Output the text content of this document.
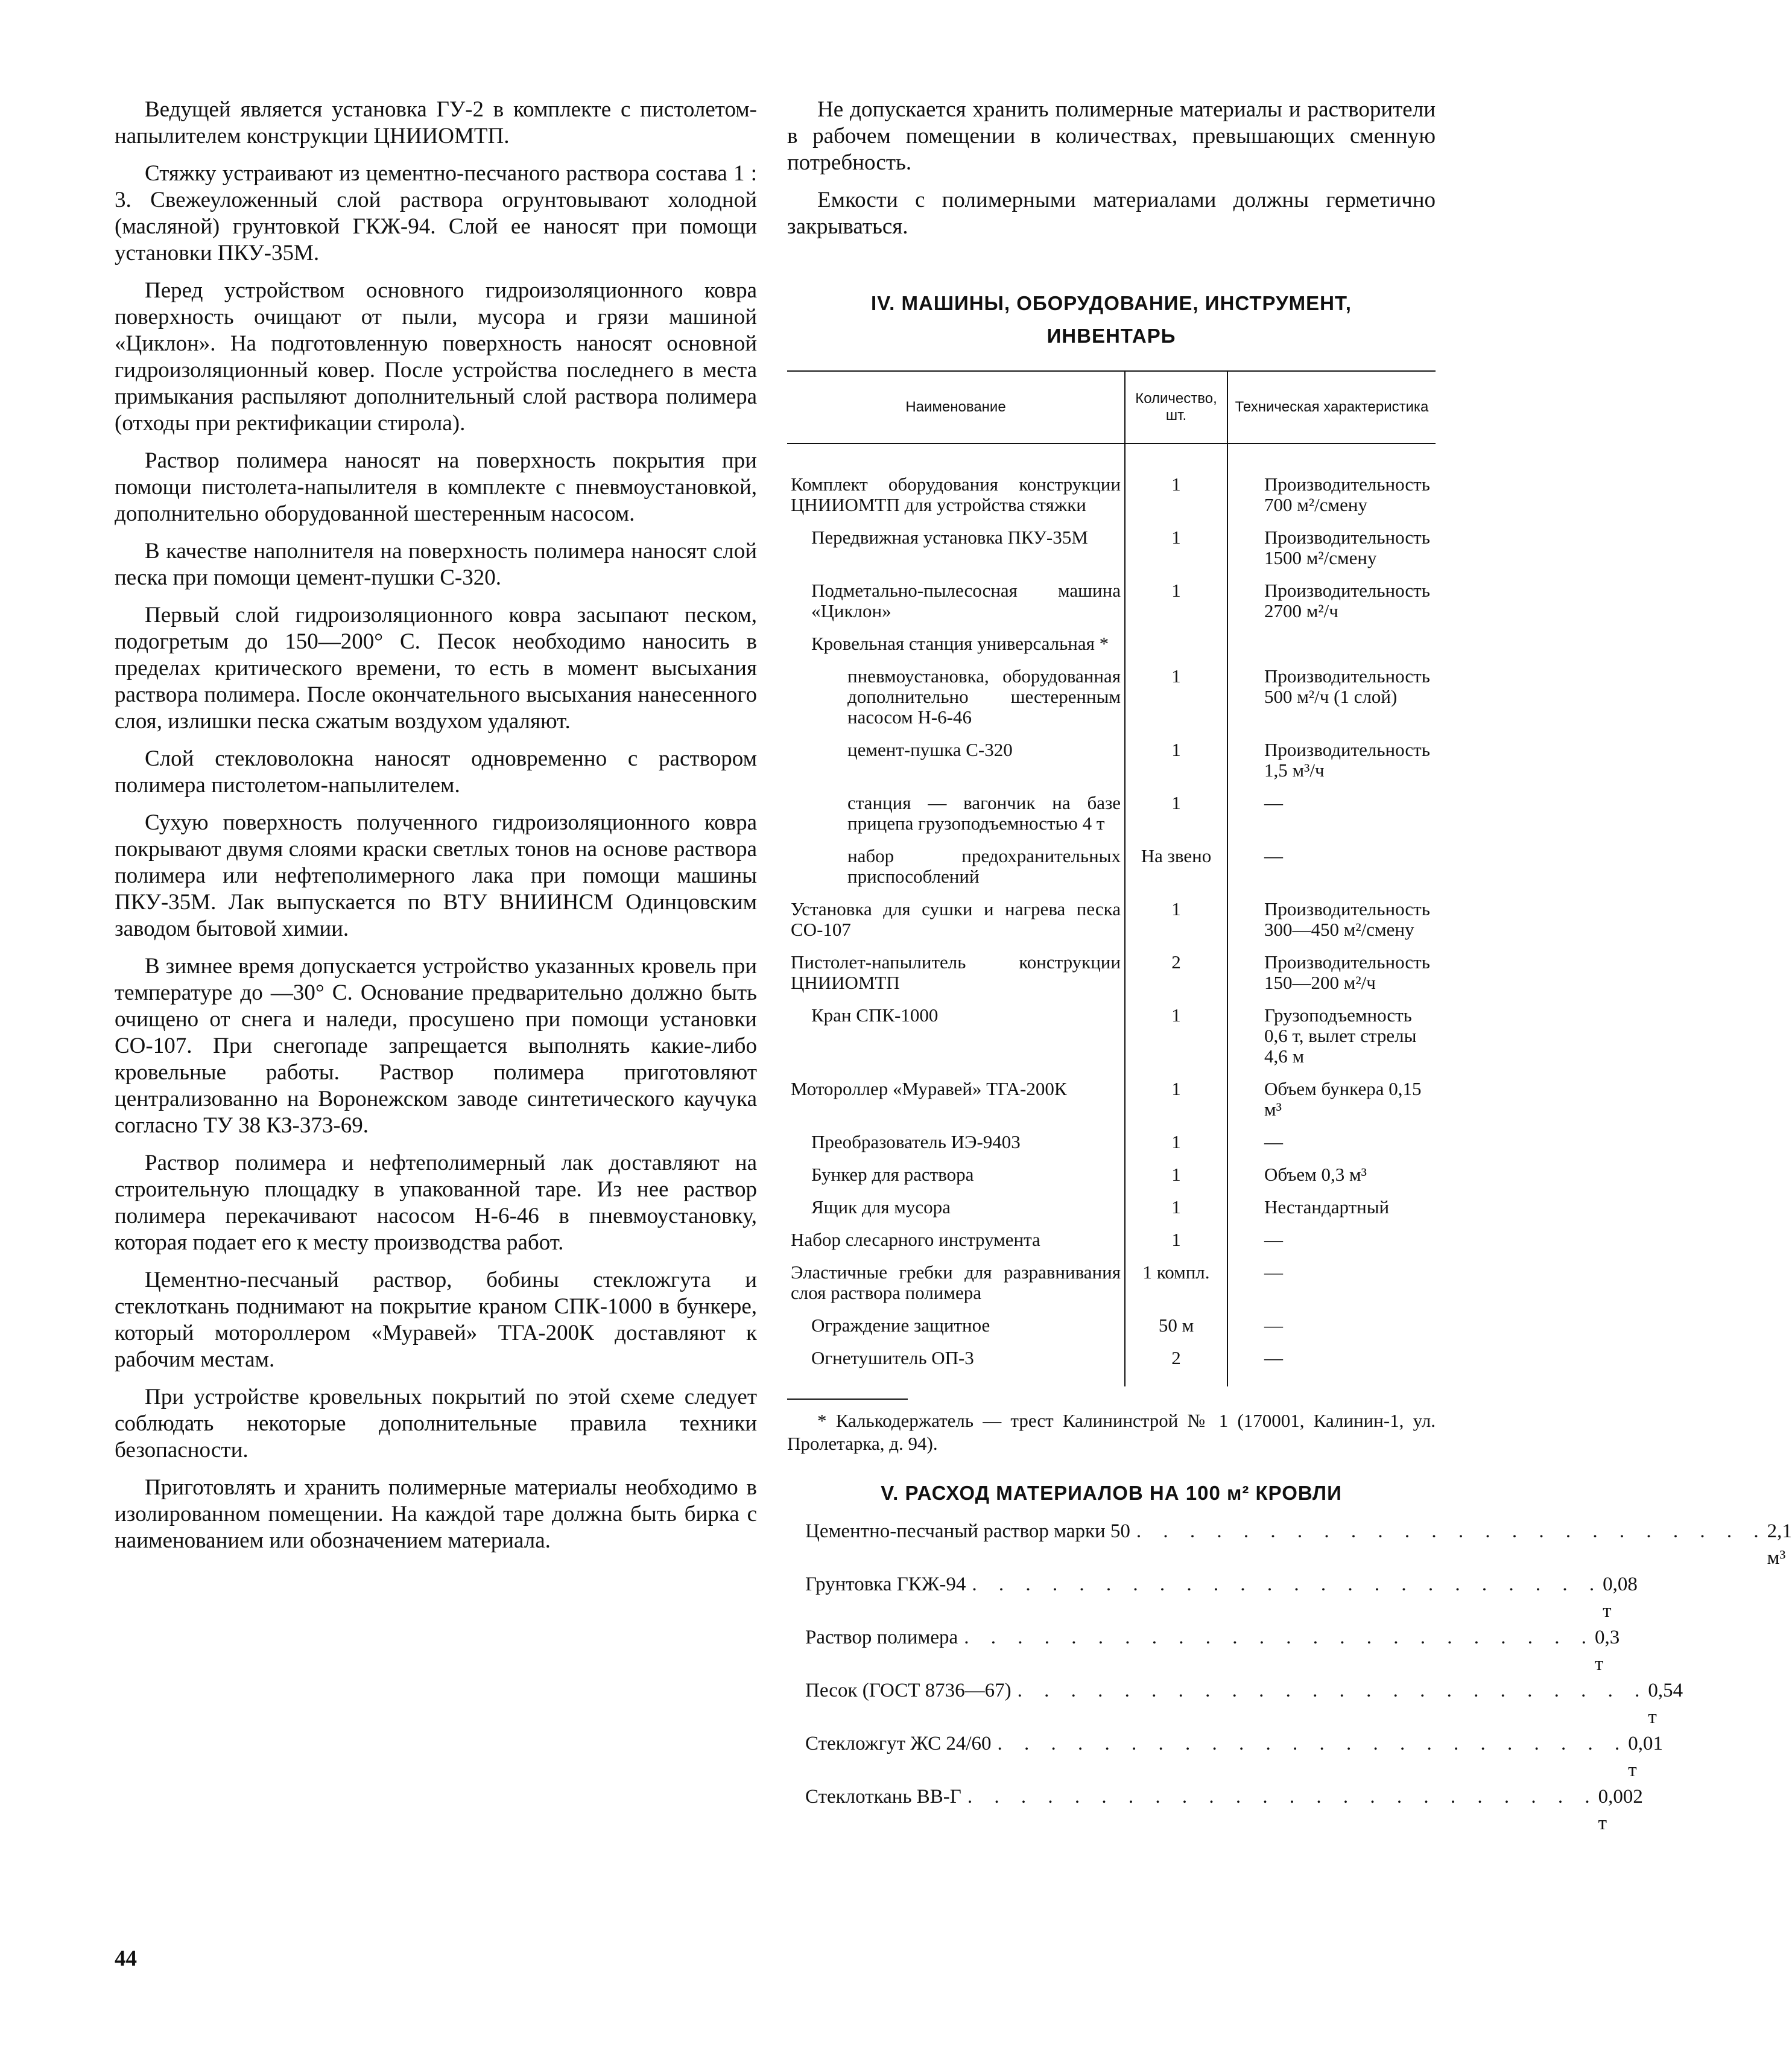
Ведущей является установка ГУ-2 в комплекте с пистолетом-напылителем конструкции ЦНИИОМТП.

Стяжку устраивают из цементно-песчаного раствора состава 1 : 3. Свежеуложенный слой раствора огрунтовывают холодной (масляной) грунтовкой ГКЖ-94. Слой ее наносят при помощи установки ПКУ-35М.

Перед устройством основного гидроизоляционного ковра поверхность очищают от пыли, мусора и грязи машиной «Циклон». На подготовленную поверхность наносят основной гидроизоляционный ковер. После устройства последнего в места примыкания распыляют дополнительный слой раствора полимера (отходы при ректификации стирола).

Раствор полимера наносят на поверхность покрытия при помощи пистолета-напылителя в комплекте с пневмоустановкой, дополнительно оборудованной шестеренным насосом.

В качестве наполнителя на поверхность полимера наносят слой песка при помощи цемент-пушки С-320.

Первый слой гидроизоляционного ковра засыпают песком, подогретым до 150—200° С. Песок необходимо наносить в пределах критического времени, то есть в момент высыхания раствора полимера. После окончательного высыхания нанесенного слоя, излишки песка сжатым воздухом удаляют.

Слой стекловолокна наносят одновременно с раствором полимера пистолетом-напылителем.

Сухую поверхность полученного гидроизоляционного ковра покрывают двумя слоями краски светлых тонов на основе раствора полимера или нефтеполимерного лака при помощи машины ПКУ-35М. Лак выпускается по ВТУ ВНИИНСМ Одинцовским заводом бытовой химии.

В зимнее время допускается устройство указанных кровель при температуре до —30° С. Основание предварительно должно быть очищено от снега и наледи, просушено при помощи установки СО-107. При снегопаде запрещается выполнять какие-либо кровельные работы. Раствор полимера приготовляют централизованно на Воронежском заводе синтетического каучука согласно ТУ 38 КЗ-373-69.

Раствор полимера и нефтеполимерный лак доставляют на строительную площадку в упакованной таре. Из нее раствор полимера перекачивают насосом Н-6-46 в пневмоустановку, которая подает его к месту производства работ.

Цементно-песчаный раствор, бобины стекложгута и стеклоткань поднимают на покрытие краном СПК-1000 в бункере, который мотороллером «Муравей» ТГА-200К доставляют к рабочим местам.

При устройстве кровельных покрытий по этой схеме следует соблюдать некоторые дополнительные правила техники безопасности.

Приготовлять и хранить полимерные материалы необходимо в изолированном помещении. На каждой таре должна быть бирка с наименованием или обозначением материала.

Не допускается хранить полимерные материалы и растворители в рабочем помещении в количествах, превышающих сменную потребность.

Емкости с полимерными материалами должны герметично закрываться.

IV. МАШИНЫ, ОБОРУДОВАНИЕ, ИНСТРУМЕНТ,

ИНВЕНТАРЬ

Наименование	Количество, шт.	Техническая характеристика
Комплект оборудования конструкции ЦНИИОМТП для устройства стяжки	1	Производительность 700 м²/смену
Передвижная установка ПКУ-35М	1	Производительность 1500 м²/смену
Подметально-пылесосная машина «Циклон»	1	Производительность 2700 м²/ч
Кровельная станция универсальная *		
пневмоустановка, оборудованная дополнительно шестеренным насосом Н-6-46	1	Производительность 500 м²/ч (1 слой)
цемент-пушка С-320	1	Производительность 1,5 м³/ч
станция — вагончик на базе прицепа грузоподъемностью 4 т	1	—
набор предохранительных приспособлений	На звено	—
Установка для сушки и нагрева песка СО-107	1	Производительность 300—450 м²/смену
Пистолет-напылитель конструкции ЦНИИОМТП	2	Производительность 150—200 м²/ч
Кран СПК-1000	1	Грузоподъемность 0,6 т, вылет стрелы 4,6 м
Мотороллер «Муравей» ТГА-200К	1	Объем бункера 0,15 м³
Преобразователь ИЭ-9403	1	—
Бункер для раствора	1	Объем 0,3 м³
Ящик для мусора	1	Нестандартный
Набор слесарного инструмента	1	—
Эластичные гребки для разравнивания слоя раствора полимера	1 компл.	—
Ограждение защитное	50 м	—
Огнетушитель ОП-3	2	—

* Калькодержатель — трест Калининстрой № 1 (170001, Калинин-1, ул. Пролетарка, д. 94).

V. РАСХОД МАТЕРИАЛОВ НА 100 м² КРОВЛИ

Цементно-песчаный раствор марки 50 . . . . . . . . . . . . . . . . . . . . . . . . 2,1 м³
Грунтовка ГКЖ-94 . . . . . . . . . . . . . . . . . . . . . . . . 0,08 т
Раствор полимера . . . . . . . . . . . . . . . . . . . . . . . . 0,3 т
Песок (ГОСТ 8736—67) . . . . . . . . . . . . . . . . . . . . . . . . 0,54 т
Стекложгут ЖС 24/60 . . . . . . . . . . . . . . . . . . . . . . . . 0,01 т
Стеклоткань ВВ-Г . . . . . . . . . . . . . . . . . . . . . . . . 0,002 т
44
